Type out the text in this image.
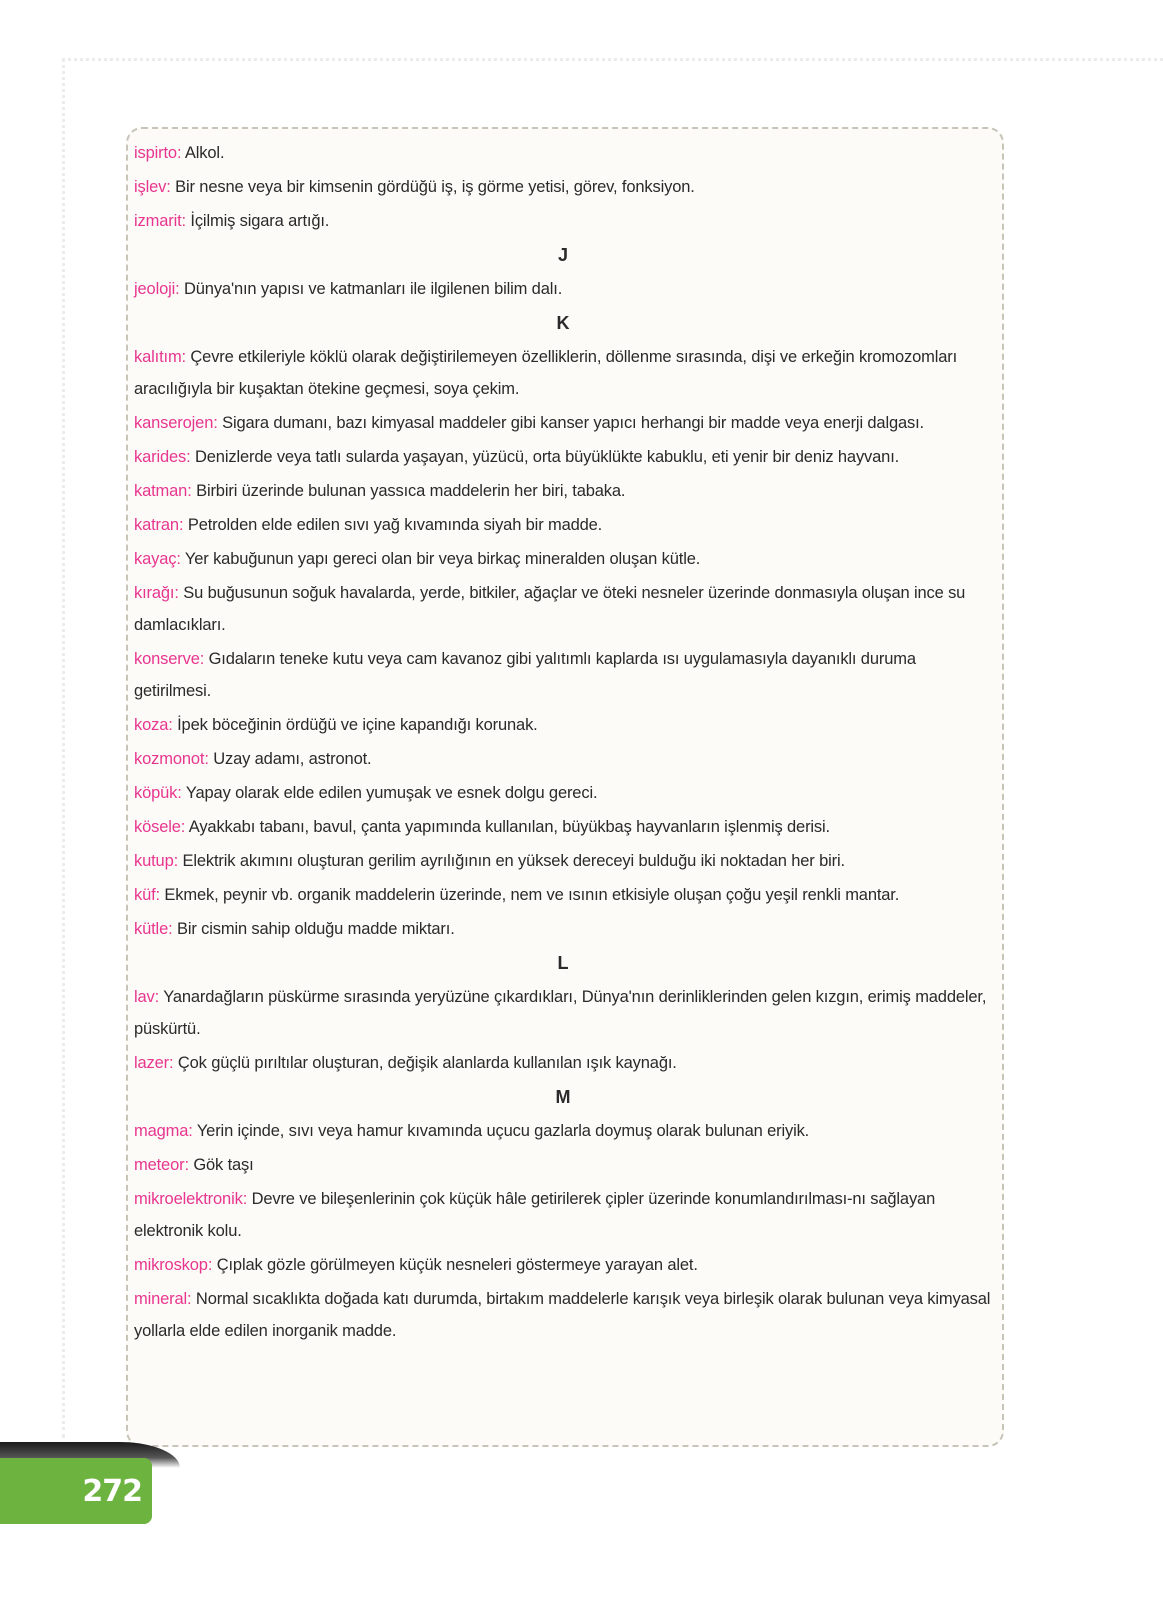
ispirto: Alkol.

işlev: Bir nesne veya bir kimsenin gördüğü iş, iş görme yetisi, görev, fonksiyon.

izmarit: İçilmiş sigara artığı.

J

jeoloji: Dünya'nın yapısı ve katmanları ile ilgilenen bilim dalı.

K

kalıtım: Çevre etkileriyle köklü olarak değiştirilemeyen özelliklerin, döllenme sırasında, dişi ve erkeğin kromozomları aracılığıyla bir kuşaktan ötekine geçmesi, soya çekim.

kanserojen: Sigara dumanı, bazı kimyasal maddeler gibi kanser yapıcı herhangi bir madde veya enerji dalgası.

karides: Denizlerde veya tatlı sularda yaşayan, yüzücü, orta büyüklükte kabuklu, eti yenir bir deniz hayvanı.

katman: Birbiri üzerinde bulunan yassıca maddelerin her biri, tabaka.

katran: Petrolden elde edilen sıvı yağ kıvamında siyah bir madde.

kayaç: Yer kabuğunun yapı gereci olan bir veya birkaç mineralden oluşan kütle.

kırağı: Su buğusunun soğuk havalarda, yerde, bitkiler, ağaçlar ve öteki nesneler üzerinde donmasıyla oluşan ince su damlacıkları.

konserve: Gıdaların teneke kutu veya cam kavanoz gibi yalıtımlı kaplarda ısı uygulamasıyla dayanıklı duruma getirilmesi.

koza: İpek böceğinin ördüğü ve içine kapandığı korunak.

kozmonot: Uzay adamı, astronot.

köpük: Yapay olarak elde edilen yumuşak ve esnek dolgu gereci.

kösele: Ayakkabı tabanı, bavul, çanta yapımında kullanılan, büyükbaş hayvanların işlenmiş derisi.

kutup: Elektrik akımını oluşturan gerilim ayrılığının en yüksek dereceyi bulduğu iki noktadan her biri.

küf: Ekmek, peynir vb. organik maddelerin üzerinde, nem ve ısının etkisiyle oluşan çoğu yeşil renkli mantar.

kütle: Bir cismin sahip olduğu madde miktarı.

L

lav: Yanardağların püskürme sırasında yeryüzüne çıkardıkları, Dünya'nın derinliklerinden gelen kızgın, erimiş maddeler, püskürtü.

lazer: Çok güçlü pırıltılar oluşturan, değişik alanlarda kullanılan ışık kaynağı.

M

magma: Yerin içinde, sıvı veya hamur kıvamında uçucu gazlarla doymuş olarak bulunan eriyik.

meteor: Gök taşı

mikroelektronik: Devre ve bileşenlerinin çok küçük hâle getirilerek çipler üzerinde konumlandırılması-nı sağlayan elektronik kolu.

mikroskop: Çıplak gözle görülmeyen küçük nesneleri göstermeye yarayan alet.

mineral: Normal sıcaklıkta doğada katı durumda, birtakım maddelerle karışık veya birleşik olarak bulunan veya kimyasal yollarla elde edilen inorganik madde.

272
